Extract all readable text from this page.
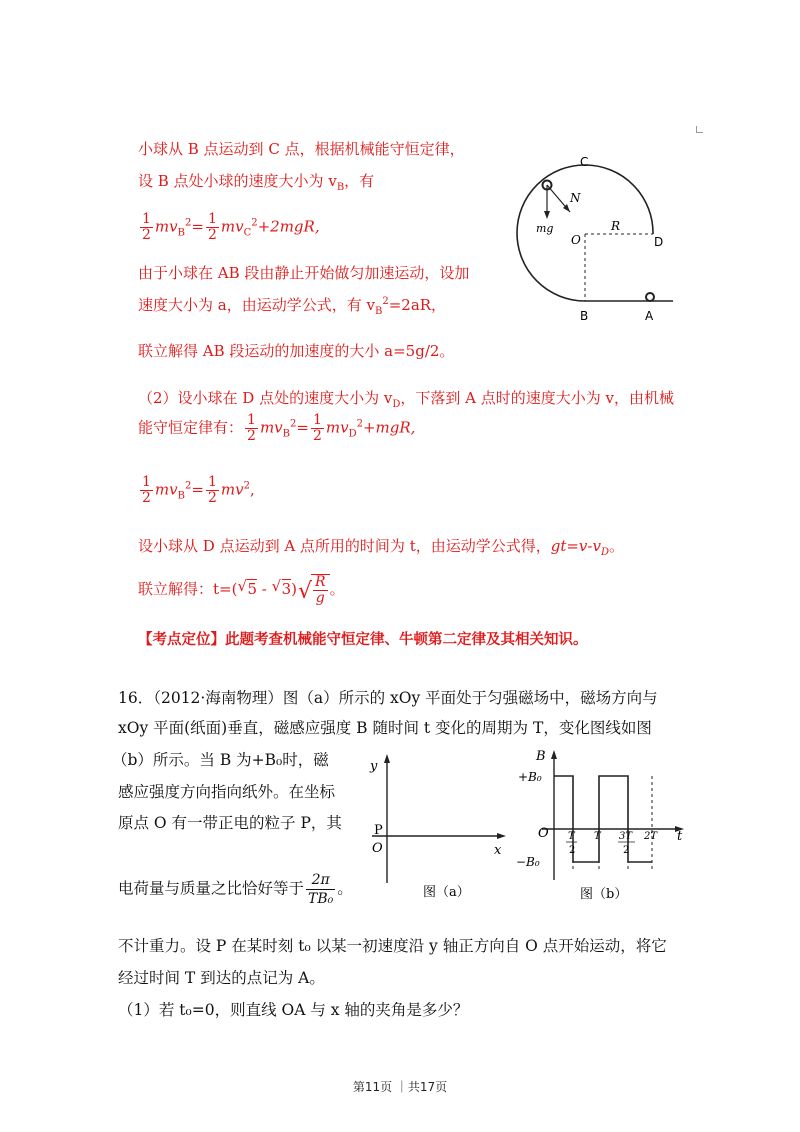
小球从 B 点运动到 C 点，根据机械能守恒定律，
设 B 点处小球的速度大小为 $v_B$，有
$\frac{1}{2} mv_B^2= \frac{1}{2} mv_C^2+2mgR$,
由于小球在 AB 段由静止开始做匀加速运动，设加
速度大小为 a，由运动学公式，有 $v_B^2=2aR$，
联立解得 AB 段运动的加速度的大小 a=5g/2。
（2）设小球在 D 点处的速度大小为 $v_D$，下落到 A 点时的速度大小为 v，由机械
能守恒定律有： $\frac{1}{2} mv_B^2= \frac{1}{2} mv_D^2+mgR$,
$\frac{1}{2} mv_B^2= \frac{1}{2} mv^2$,
设小球从 D 点运动到 A 点所用的时间为 t，由运动学公式得，$gt=v-v_D$。
联立解得：t=( √ 5 - √ 3) √ $\frac{R}{g}$ 。
【考点定位】此题考查机械能守恒定律、牛顿第二定律及其相关知识。
C
N
mg
O
R
D
B	A
16．（2012·海南物理）图（a）所示的 xOy 平面处于匀强磁场中，磁场方向与
xOy 平面(纸面)垂直，磁感应强度 B 随时间 t 变化的周期为 T，变化图线如图
（b）所示。当 B 为+B₀时，磁
感应强度方向指向纸外。在坐标
原点 O 有一带正电的粒子 P，其
电荷量与质量之比恰好等于 $\frac{2\pi}{\text{TB₀}}$ 。
不计重力。设 P 在某时刻 t₀ 以某一初速度沿 y 轴正方向自 O 点开始运动，将它
经过时间 T 到达的点记为 A。
（1）若 t₀=0，则直线 OA 与 x 轴的夹角是多少？
y
x
P
O
图（a）
B
+B₀
−B₀
O	t
T
2
T 3T
2
2T
图（b）
第11页 ｜共17页
